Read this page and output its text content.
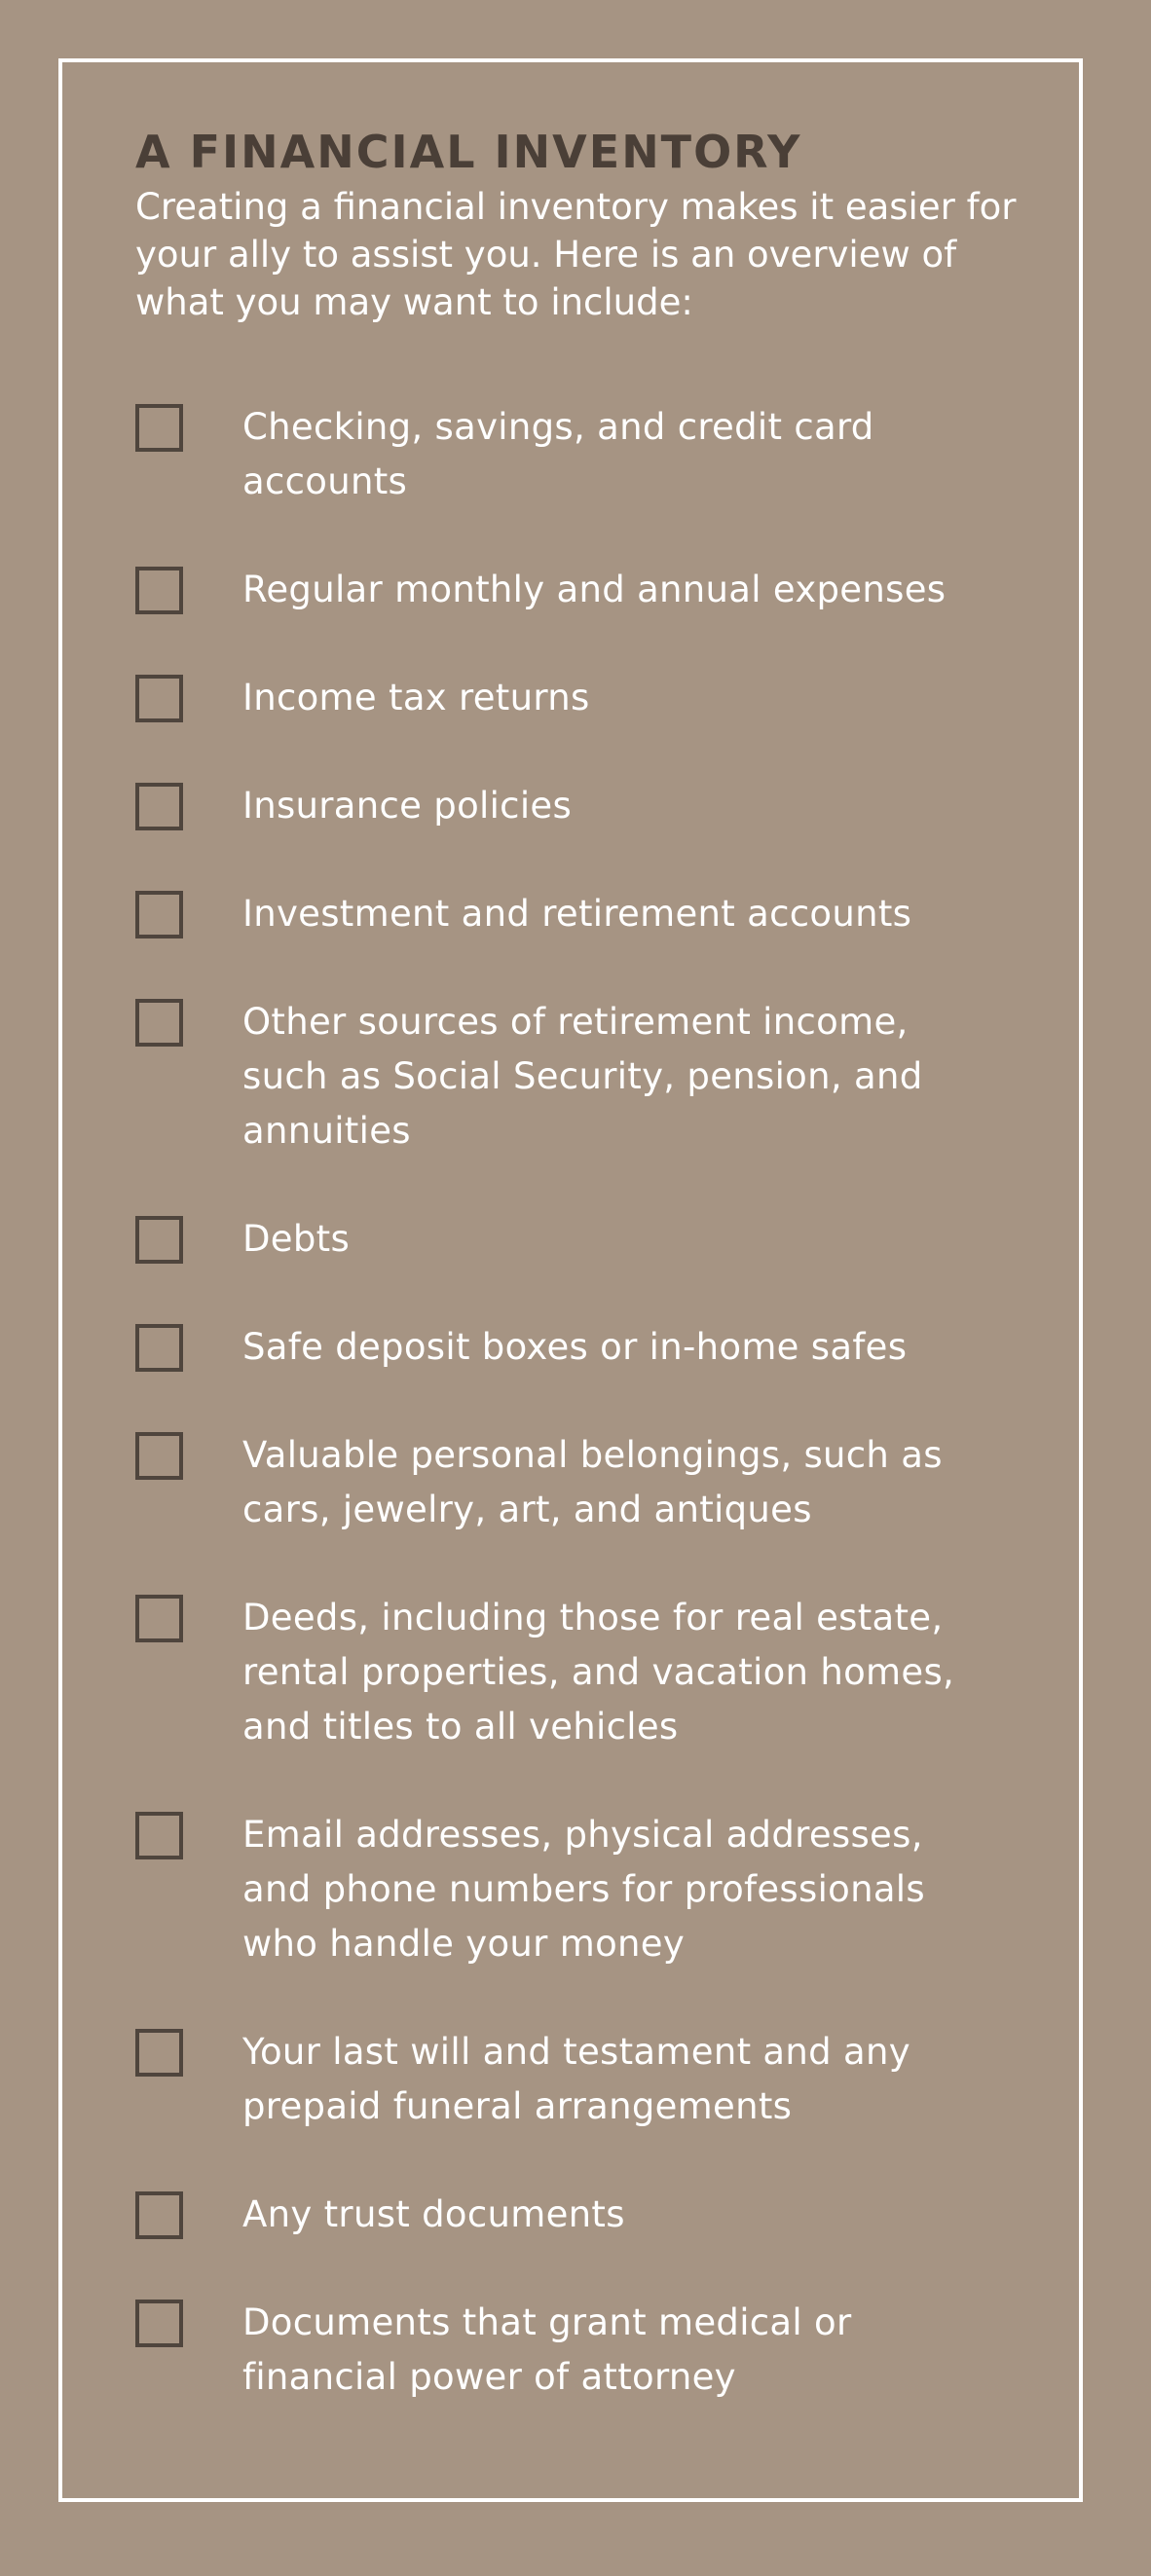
A FINANCIAL INVENTORY

Creating a financial inventory makes it easier for your ally to assist you. Here is an overview of what you may want to include:

Checking, savings, and credit card
accounts
Regular monthly and annual expenses
Income tax returns
Insurance policies
Investment and retirement accounts
Other sources of retirement income,
such as Social Security, pension, and
annuities
Debts
Safe deposit boxes or in-home safes
Valuable personal belongings, such as
cars, jewelry, art, and antiques
Deeds, including those for real estate,
rental properties, and vacation homes,
and titles to all vehicles
Email addresses, physical addresses,
and phone numbers for professionals
who handle your money
Your last will and testament and any
prepaid funeral arrangements
Any trust documents
Documents that grant medical or
financial power of attorney
